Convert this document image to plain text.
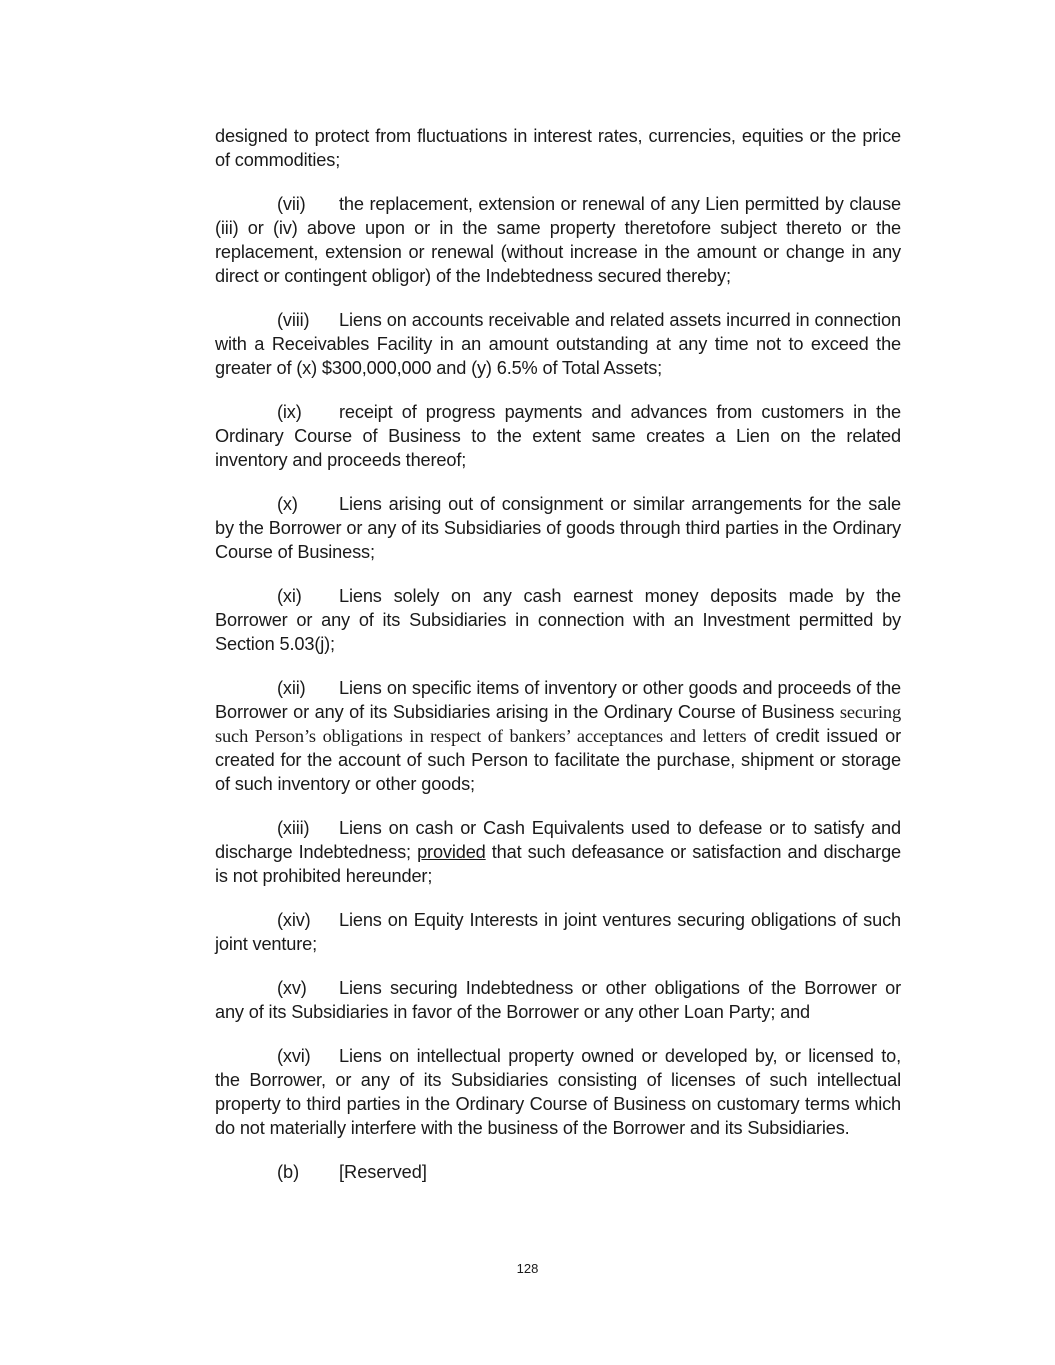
designed to protect from fluctuations in interest rates, currencies, equities or the price of commodities;

(vii) the replacement, extension or renewal of any Lien permitted by clause (iii) or (iv) above upon or in the same property theretofore subject thereto or the replacement, extension or renewal (without increase in the amount or change in any direct or contingent obligor) of the Indebtedness secured thereby;

(viii) Liens on accounts receivable and related assets incurred in connection with a Receivables Facility in an amount outstanding at any time not to exceed the greater of (x) $300,000,000 and (y) 6.5% of Total Assets;

(ix) receipt of progress payments and advances from customers in the Ordinary Course of Business to the extent same creates a Lien on the related inventory and proceeds thereof;

(x) Liens arising out of consignment or similar arrangements for the sale by the Borrower or any of its Subsidiaries of goods through third parties in the Ordinary Course of Business;

(xi) Liens solely on any cash earnest money deposits made by the Borrower or any of its Subsidiaries in connection with an Investment permitted by Section 5.03(j);

(xii) Liens on specific items of inventory or other goods and proceeds of the Borrower or any of its Subsidiaries arising in the Ordinary Course of Business securing such Person’s obligations in respect of bankers’ acceptances and letters of credit issued or created for the account of such Person to facilitate the purchase, shipment or storage of such inventory or other goods;

(xiii) Liens on cash or Cash Equivalents used to defease or to satisfy and discharge Indebtedness; provided that such defeasance or satisfaction and discharge is not prohibited hereunder;

(xiv) Liens on Equity Interests in joint ventures securing obligations of such joint venture;

(xv) Liens securing Indebtedness or other obligations of the Borrower or any of its Subsidiaries in favor of the Borrower or any other Loan Party; and

(xvi) Liens on intellectual property owned or developed by, or licensed to, the Borrower, or any of its Subsidiaries consisting of licenses of such intellectual property to third parties in the Ordinary Course of Business on customary terms which do not materially interfere with the business of the Borrower and its Subsidiaries.

(b) [Reserved]

128
